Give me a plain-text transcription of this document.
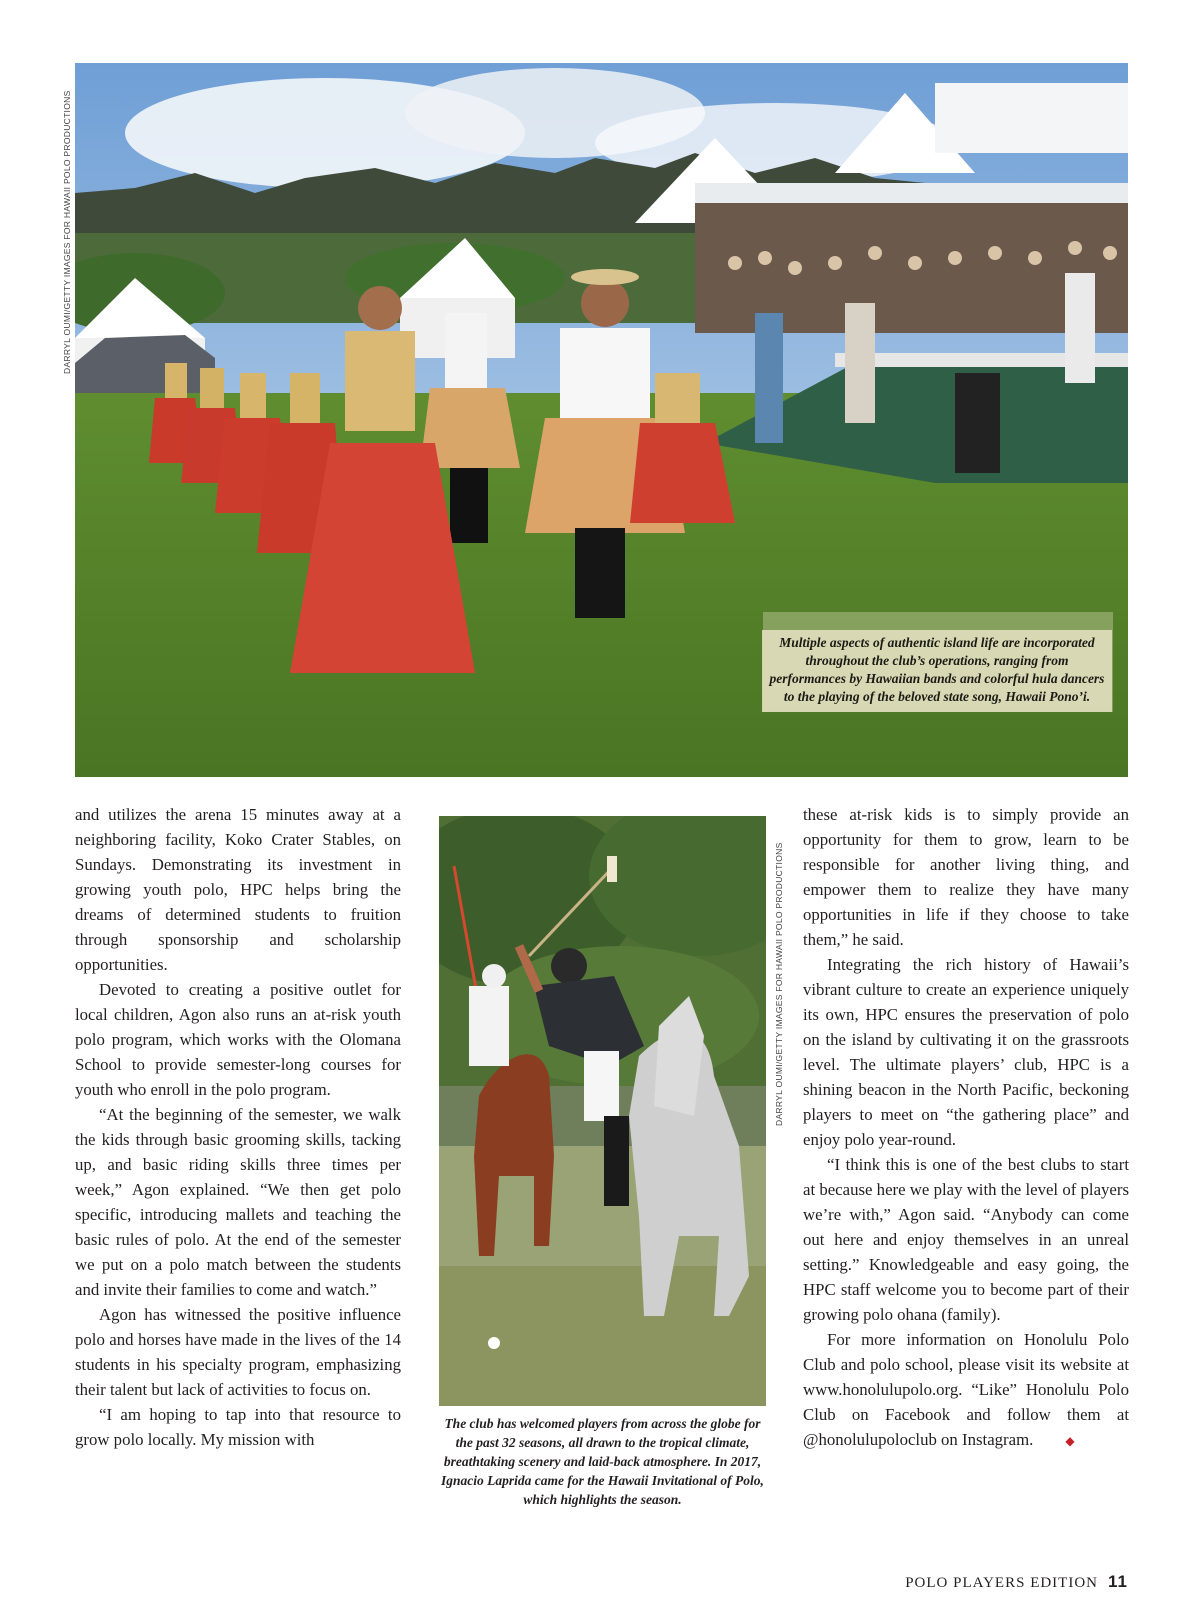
DARRYL OUMI/GETTY IMAGES FOR HAWAII POLO PRODUCTIONS
Multiple aspects of authentic island life are incorporated throughout the club’s operations, ranging from performances by Hawaiian bands and colorful hula dancers to the playing of the beloved state song, Hawaii Pono’i.

and utilizes the arena 15 minutes away at a neighboring facility, Koko Crater Stables, on Sundays. Demonstrating its investment in growing youth polo, HPC helps bring the dreams of determined students to fruition through sponsorship and scholarship opportunities.

Devoted to creating a positive outlet for local children, Agon also runs an at-risk youth polo program, which works with the Olomana School to provide semester-long courses for youth who enroll in the polo program.

“At the beginning of the semester, we walk the kids through basic grooming skills, tacking up, and basic riding skills three times per week,” Agon explained. “We then get polo specific, introducing mallets and teaching the basic rules of polo. At the end of the semester we put on a polo match between the students and invite their families to come and watch.”

Agon has witnessed the positive influence polo and horses have made in the lives of the 14 students in his specialty program, emphasizing their talent but lack of activities to focus on.

“I am hoping to tap into that resource to grow polo locally. My mission with

DARRYL OUMI/GETTY IMAGES FOR HAWAII POLO PRODUCTIONS
The club has welcomed players from across the globe for the past 32 seasons, all drawn to the tropical climate, breathtaking scenery and laid-back atmosphere. In 2017, Ignacio Laprida came for the Hawaii Invitational of Polo, which highlights the season.

these at-risk kids is to simply provide an opportunity for them to grow, learn to be responsible for another living thing, and empower them to realize they have many opportunities in life if they choose to take them,” he said.

Integrating the rich history of Hawaii’s vibrant culture to create an experience uniquely its own, HPC ensures the preservation of polo on the island by cultivating it on the grassroots level. The ultimate players’ club, HPC is a shining beacon in the North Pacific, beckoning players to meet on “the gathering place” and enjoy polo year-round.

“I think this is one of the best clubs to start at because here we play with the level of players we’re with,” Agon said. “Anybody can come out here and enjoy themselves in an unreal setting.” Knowledgeable and easy going, the HPC staff welcome you to become part of their growing polo ohana (family).

For more information on Honolulu Polo Club and polo school, please visit its website at www.honolulupolo.org. “Like” Honolulu Polo Club on Facebook and follow them at @honolulupoloclub on Instagram.	◆

POLO PLAYERS EDITION 11
